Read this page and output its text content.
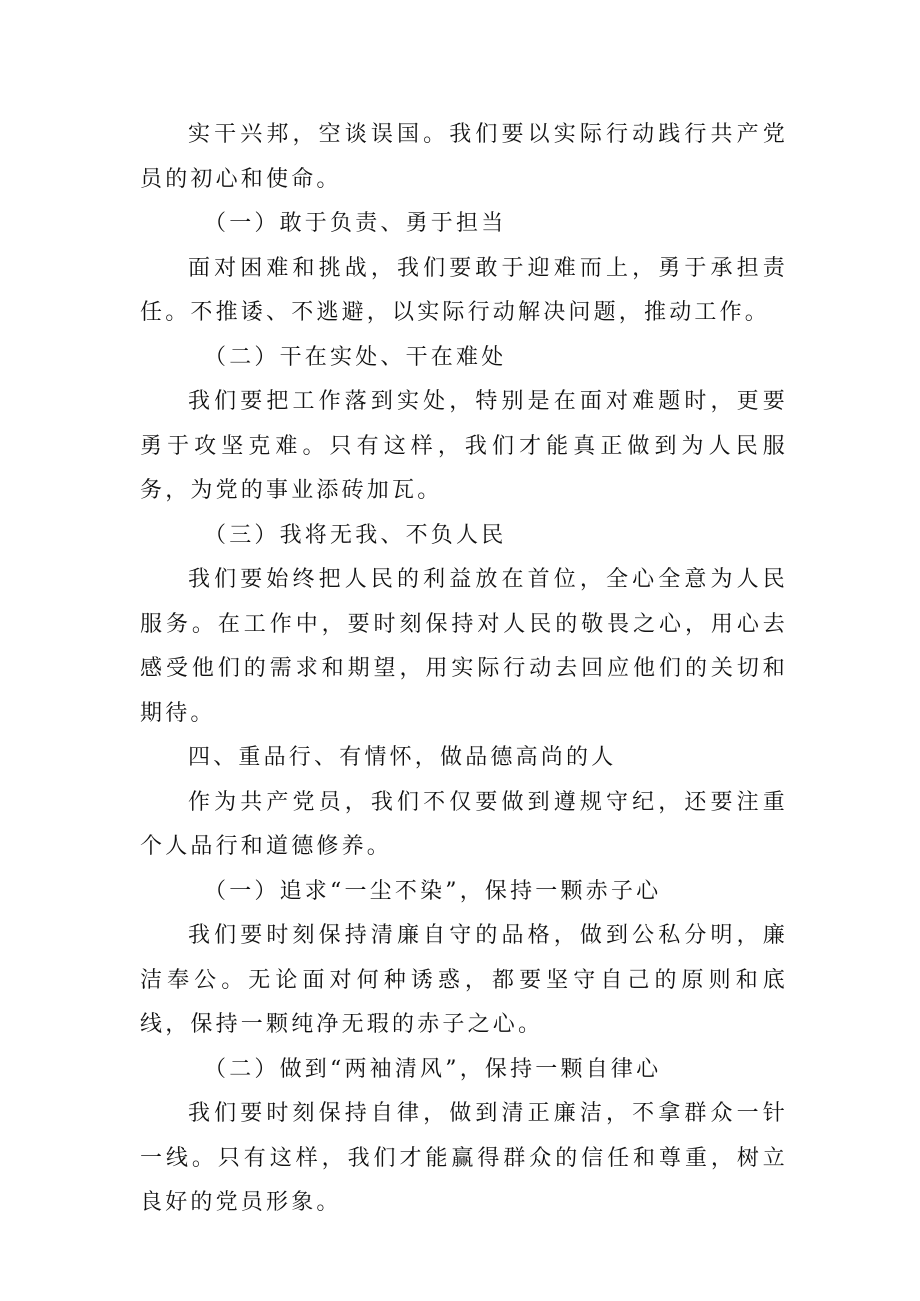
实干兴邦，空谈误国。我们要以实际行动践行共产党员的初心和使命。

（一）敢于负责、勇于担当

面对困难和挑战，我们要敢于迎难而上，勇于承担责任。不推诿、不逃避，以实际行动解决问题，推动工作。

（二）干在实处、干在难处

我们要把工作落到实处，特别是在面对难题时，更要勇于攻坚克难。只有这样，我们才能真正做到为人民服务，为党的事业添砖加瓦。

（三）我将无我、不负人民

我们要始终把人民的利益放在首位，全心全意为人民服务。在工作中，要时刻保持对人民的敬畏之心，用心去感受他们的需求和期望，用实际行动去回应他们的关切和期待。

四、重品行、有情怀，做品德高尚的人

作为共产党员，我们不仅要做到遵规守纪，还要注重个人品行和道德修养。

（一）追求“一尘不染”，保持一颗赤子心

我们要时刻保持清廉自守的品格，做到公私分明，廉洁奉公。无论面对何种诱惑，都要坚守自己的原则和底线，保持一颗纯净无瑕的赤子之心。

（二）做到“两袖清风”，保持一颗自律心

我们要时刻保持自律，做到清正廉洁，不拿群众一针一线。只有这样，我们才能赢得群众的信任和尊重，树立良好的党员形象。
